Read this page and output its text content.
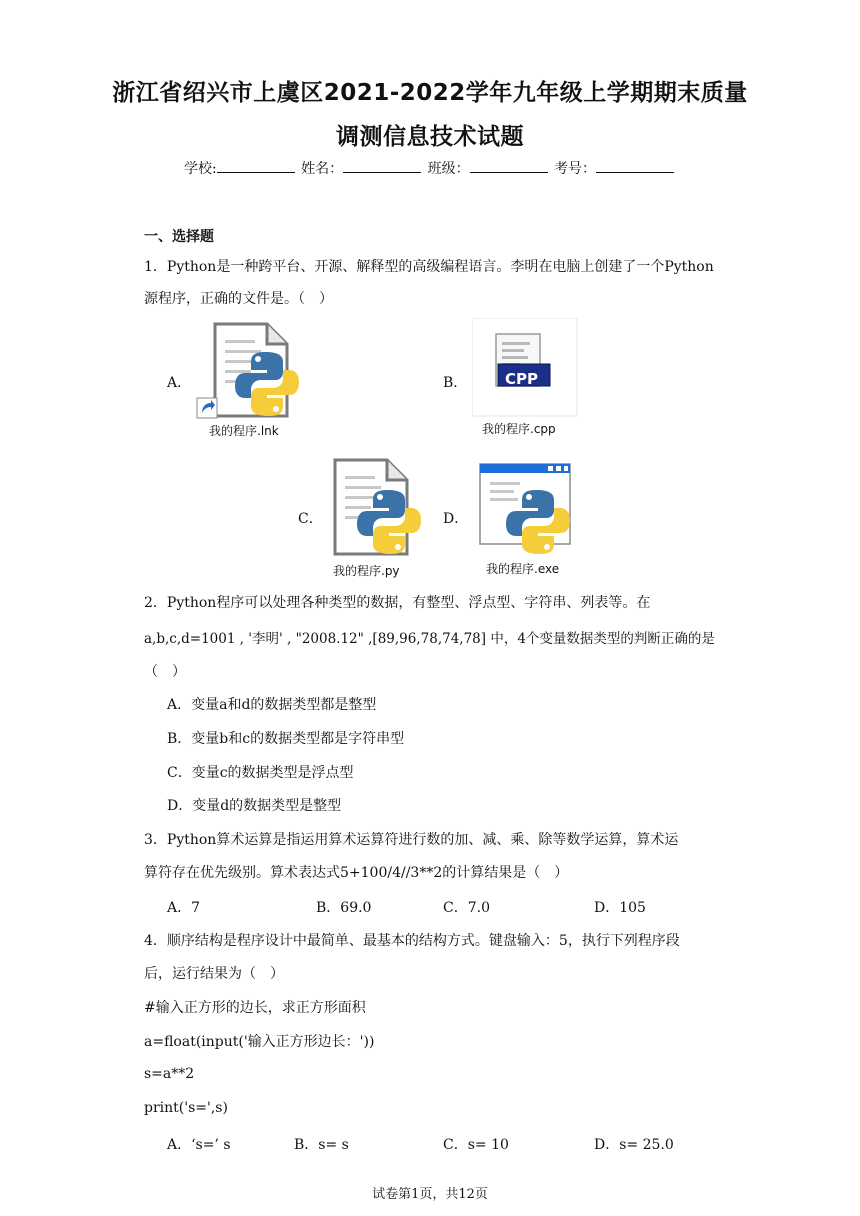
浙江省绍兴市上虞区2021-2022学年九年级上学期期末质量
调测信息技术试题
学校:	姓名：	班级：	考号：
一、选择题
1．Python是一种跨平台、开源、解释型的高级编程语言。李明在电脑上创建了一个Python
源程序，正确的文件是。（　）
A．
我的程序.lnk
B．	CPP
我的程序.cpp
C．
我的程序.py
D．
我的程序.exe
2．Python程序可以处理各种类型的数据，有整型、浮点型、字符串、列表等。在
a,b,c,d=1001 , '李明' , "2008.12" ,[89,96,78,74,78] 中，4个变量数据类型的判断正确的是
（　）
A．变量a和d的数据类型都是整型
B．变量b和c的数据类型都是字符串型
C．变量c的数据类型是浮点型
D．变量d的数据类型是整型
3．Python算术运算是指运用算术运算符进行数的加、减、乘、除等数学运算，算术运
算符存在优先级别。算术表达式5+100/4//3**2的计算结果是（　）
A．7	B．69.0	C．7.0	D．105
4．顺序结构是程序设计中最简单、最基本的结构方式。键盘输入：5，执行下列程序段
后，运行结果为（　）
#输入正方形的边长，求正方形面积
a=float(input('输入正方形边长：'))
s=a**2
print('s=',s)
A．‘s=’ s	B．s= s	C．s= 10	D．s= 25.0
试卷第1页，共12页
